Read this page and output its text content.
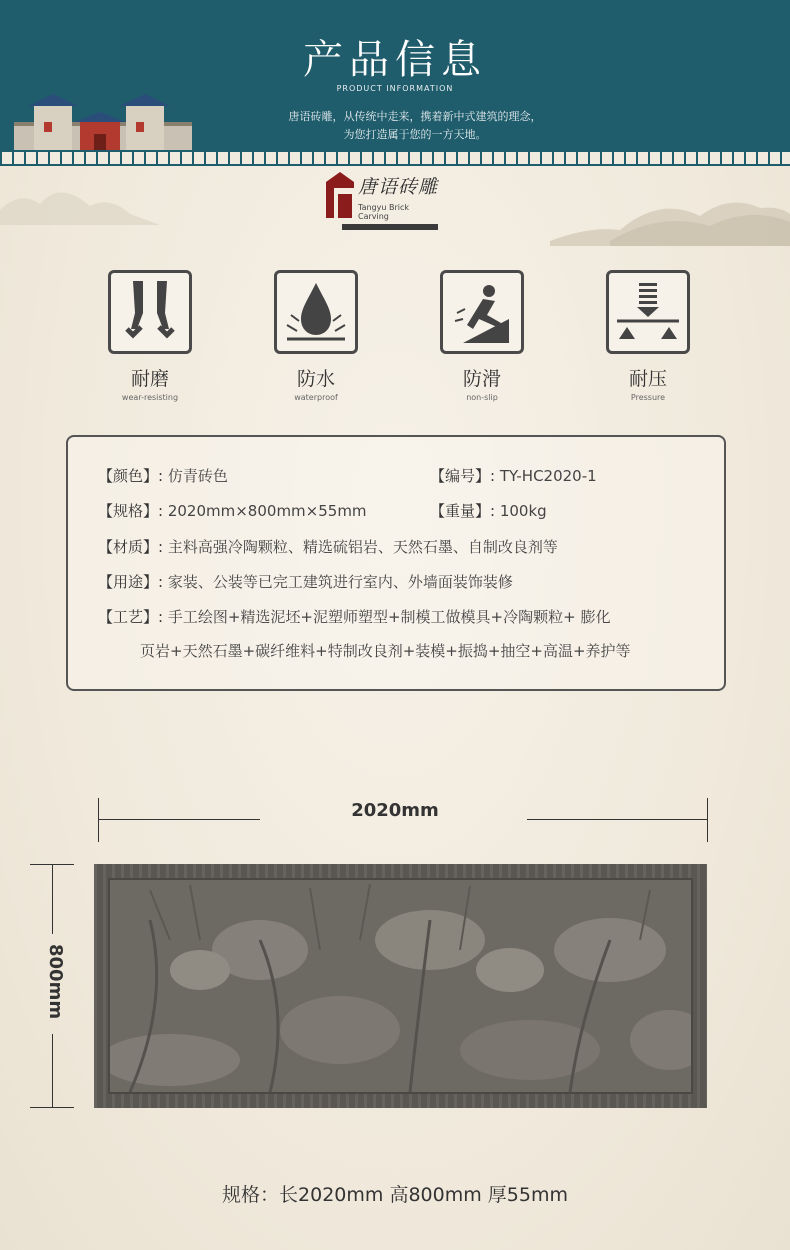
产品信息
PRODUCT INFORMATION
唐语砖雕，从传统中走来，携着新中式建筑的理念，
为您打造属于您的一方天地。
唐语砖雕
Tangyu Brick Carving
耐磨
wear-resisting
防水
waterproof
防滑
non-slip
耐压
Pressure
【颜色】: 仿青砖色	【编号】: TY-HC2020-1
【规格】: 2020mm×800mm×55mm	【重量】: 100kg
【材质】: 主料高强冷陶颗粒、精选硫铝岩、天然石墨、自制改良剂等
【用途】: 家装、公装等已完工建筑进行室内、外墙面装饰装修
【工艺】: 手工绘图+精选泥坯+泥塑师塑型+制模工做模具+冷陶颗粒+ 膨化
页岩+天然石墨+碳纤维料+特制改良剂+装模+振捣+抽空+高温+养护等
2020mm
800mm
规格：长2020mm 高800mm 厚55mm
